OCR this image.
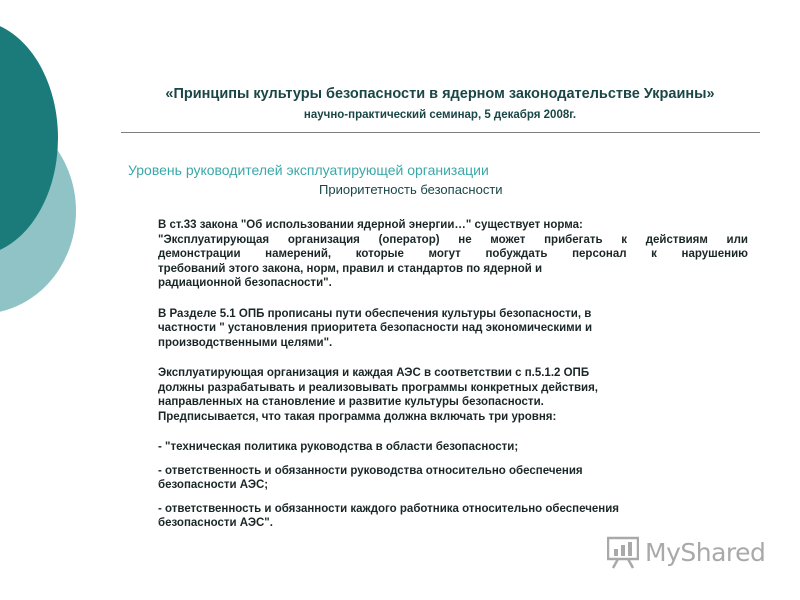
«Принципы культуры безопасности в ядерном законодательстве Украины»
научно-практический семинар, 5 декабря 2008г.
Уровень руководителей эксплуатирующей организации
Приоритетность безопасности

В ст.33 закона "Об использовании ядерной энергии…" существует норма:
"Эксплуатирующая организация (оператор) не может прибегать к действиям или
демонстрации намерений, которые могут побуждать персонал к нарушению
требований этого закона, норм, правил и стандартов по ядерной и
радиационной безопасности".

В Разделе 5.1 ОПБ прописаны пути обеспечения культуры безопасности, в
частности " установления приоритета безопасности над экономическими и
производственными целями".

Эксплуатирующая организация и каждая АЭС в соответствии с п.5.1.2 ОПБ
должны разрабатывать и реализовывать программы конкретных действия,
направленных на становление и развитие культуры безопасности.
Предписывается, что такая программа должна включать три уровня:

- "техническая политика руководства в области безопасности;
- ответственность и обязанности руководства относительно обеспечения
безопасности АЭС;
- ответственность и обязанности каждого работника относительно обеспечения
безопасности АЭС".
MyShared
